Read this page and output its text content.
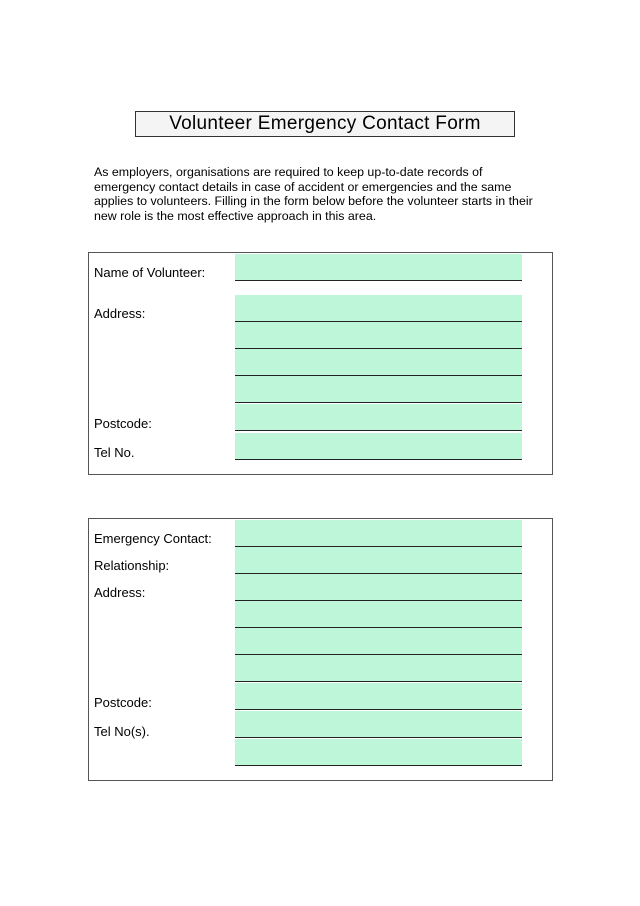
Volunteer Emergency Contact Form

As employers, organisations are required to keep up-to-date records of

emergency contact details in case of accident or emergencies and the same

applies to volunteers. Filling in the form below before the volunteer starts in their

new role is the most effective approach in this area.

Name of Volunteer:
Address:
Postcode:
Tel No.
Emergency Contact:
Relationship:
Address:
Postcode:
Tel No(s).
